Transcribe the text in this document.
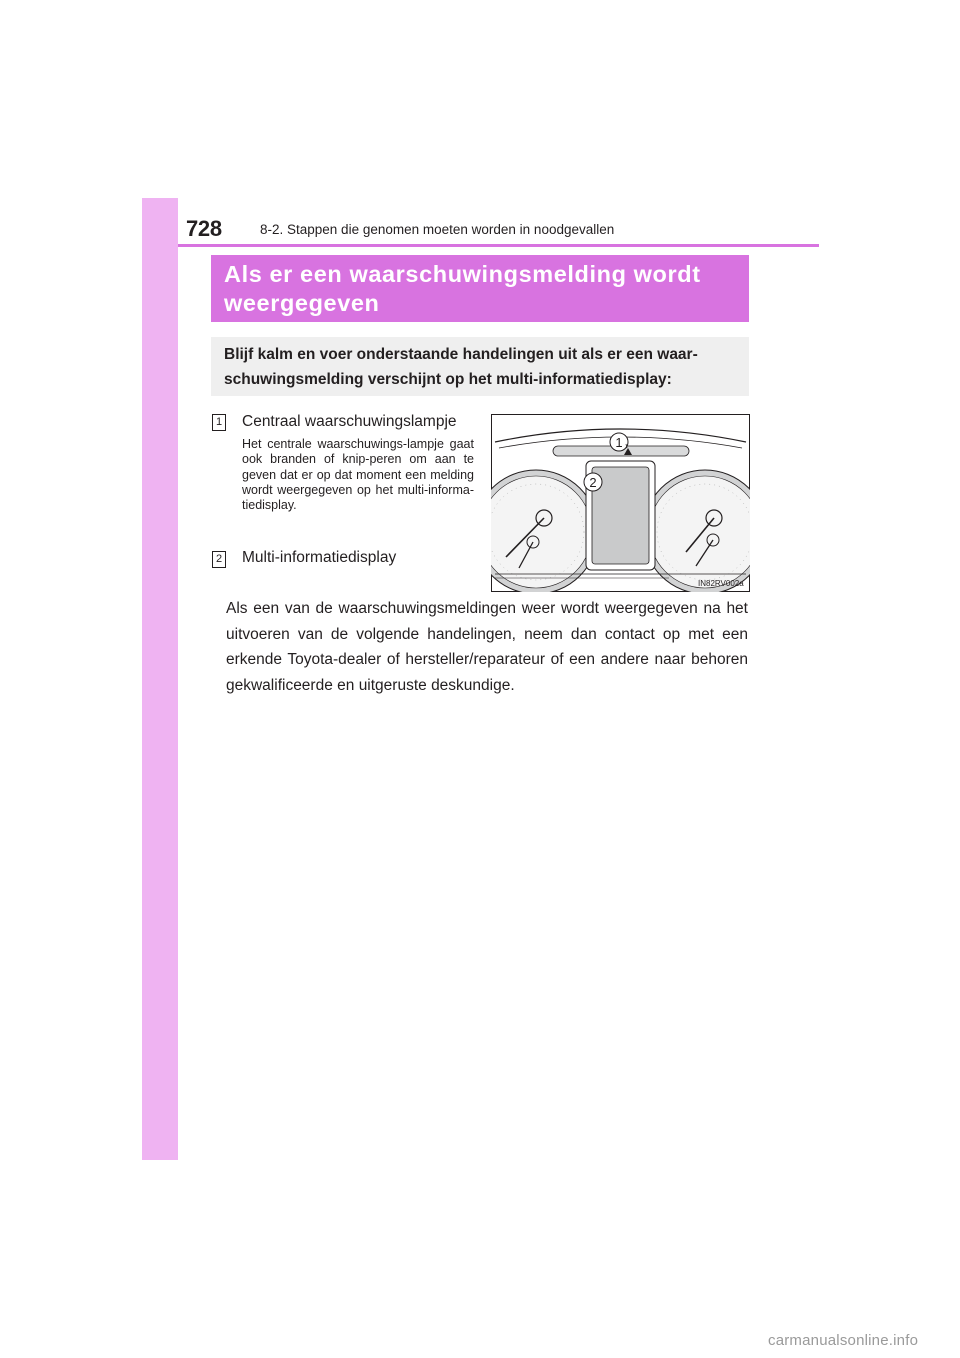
728	8-2. Stappen die genomen moeten worden in noodgevallen
Als er een waarschuwingsmelding wordt
weergegeven
Blijf kalm en voer onderstaande handelingen uit als er een waar-
schuwingsmelding verschijnt op het multi-informatiedisplay:
1 Centraal waarschuwingslampje
Het centrale waarschuwings-lampje gaat ook branden of knip-peren om aan te geven dat er op dat moment een melding wordt weergegeven op het multi-informa-tiedisplay.
2 Multi-informatiedisplay
1
2
IN82RV002a
Als een van de waarschuwingsmeldingen weer wordt weergegeven na het uitvoeren van de volgende handelingen, neem dan contact op met een erkende Toyota-dealer of hersteller/reparateur of een andere naar behoren gekwalificeerde en uitgeruste deskundige.
carmanualsonline.info
